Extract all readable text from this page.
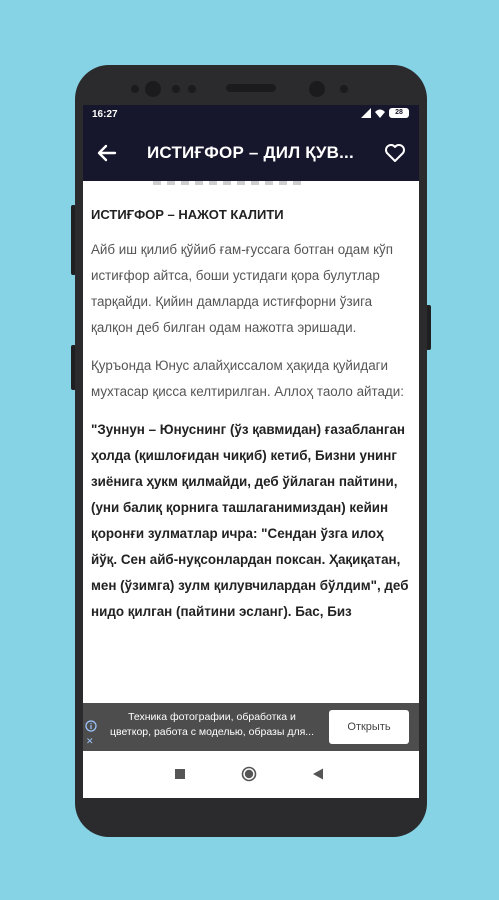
16:27	28
ИСТИҒФОР – ДИЛ ҚУВ...
ИСТИҒФОР – НАЖОТ КАЛИТИ

Айб иш қилиб қўйиб ғам-ғуссага ботган одам кўп истиғфор айтса, боши устидаги қора булутлар тарқайди. Қийин дамларда истиғфорни ўзига қалқон деб билган одам нажотга эришади.

Қуръонда Юнус алайҳиссалом ҳақида қуйидаги мухтасар қисса келтирилган. Аллоҳ таоло айтади:

"Зуннун – Юнуснинг (ўз қавмидан) ғазабланган ҳолда (қишлоғидан чиқиб) кетиб, Бизни унинг зиёнига ҳукм қилмайди, деб ўйлаган пайтини, (уни балиқ қорнига ташлаганимиздан) кейин қоронғи зулматлар ичра: "Сендан ўзга илоҳ йўқ. Сен айб-нуқсонлардан поксан. Ҳақиқатан, мен (ўзимга) зулм қилувчилардан бўлдим", деб нидо қилган (пайтини эсланг). Бас, Биз

✕
Техника фотографии, обработка и
цветкор, работа с моделью, образы для...	Открыть
